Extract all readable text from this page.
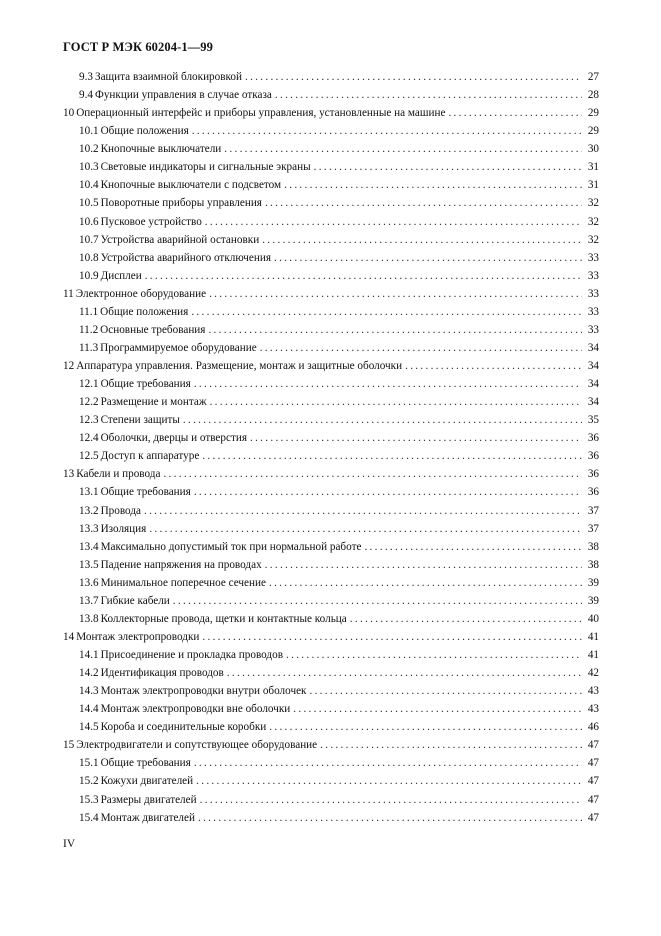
ГОСТ Р МЭК 60204-1—99
9.3 Защита взаимной блокировкой . . .	27
9.4 Функции управления в случае отказа . . .	28
10 Операционный интерфейс и приборы управления, установленные на машине . . .	29
10.1 Общие положения . . .	29
10.2 Кнопочные выключатели . . .	30
10.3 Световые индикаторы и сигнальные экраны . . .	31
10.4 Кнопочные выключатели с подсветом . . .	31
10.5 Поворотные приборы управления . . .	32
10.6 Пусковое устройство . . .	32
10.7 Устройства аварийной остановки . . .	32
10.8 Устройства аварийного отключения . . .	33
10.9 Дисплеи . . .	33
11 Электронное оборудование . . .	33
11.1 Общие положения . . .	33
11.2 Основные требования . . .	33
11.3 Программируемое оборудование . . .	34
12 Аппаратура управления. Размещение, монтаж и защитные оболочки . . .	34
12.1 Общие требования . . .	34
12.2 Размещение и монтаж . . .	34
12.3 Степени защиты . . .	35
12.4 Оболочки, дверцы и отверстия . . .	36
12.5 Доступ к аппаратуре . . .	36
13 Кабели и провода . . .	36
13.1 Общие требования . . .	36
13.2 Провода . . .	37
13.3 Изоляция . . .	37
13.4 Максимально допустимый ток при нормальной работе . . .	38
13.5 Падение напряжения на проводах . . .	38
13.6 Минимальное поперечное сечение . . .	39
13.7 Гибкие кабели . . .	39
13.8 Коллекторные провода, щетки и контактные кольца . . .	40
14 Монтаж электропроводки . . .	41
14.1 Присоединение и прокладка проводов . . .	41
14.2 Идентификация проводов . . .	42
14.3 Монтаж электропроводки внутри оболочек . . .	43
14.4 Монтаж электропроводки вне оболочки . . .	43
14.5 Короба и соединительные коробки . . .	46
15 Электродвигатели и сопутствующее оборудование . . .	47
15.1 Общие требования . . .	47
15.2 Кожухи двигателей . . .	47
15.3 Размеры двигателей . . .	47
15.4 Монтаж двигателей . . .	47
IV
